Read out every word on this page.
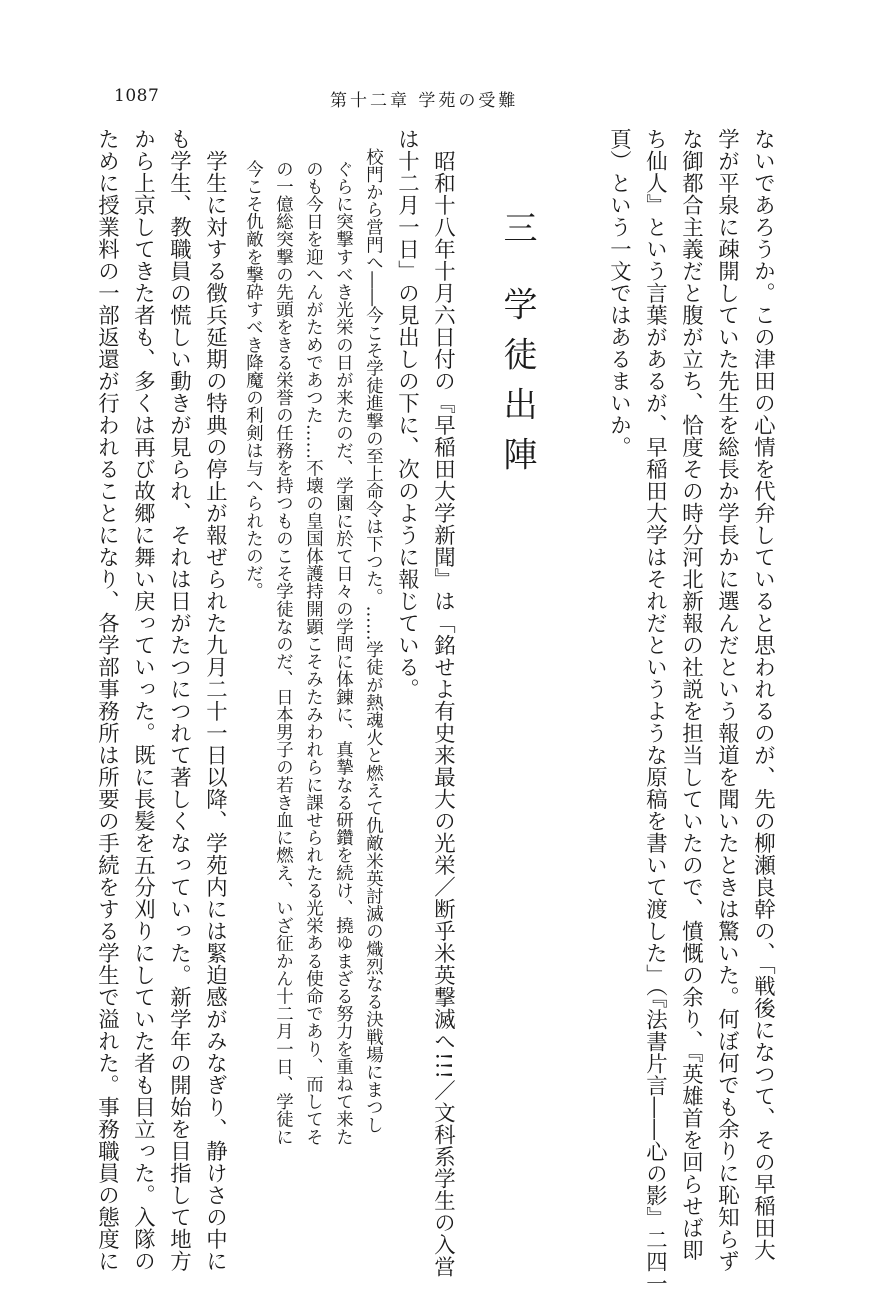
1087	第十二章 学苑の受難
ないであろうか。この津田の心情を代弁していると思われるのが、先の柳瀬良幹の、「戦後になつて、その早稲田大
学が平泉に疎開していた先生を総長か学長かに選んだという報道を聞いたときは驚いた。何ぼ何でも余りに恥知らず
な御都合主義だと腹が立ち、恰度その時分河北新報の社説を担当していたので、憤慨の余り、『英雄首を回らせば即
ち仙人』という言葉があるが、早稲田大学はそれだというような原稿を書いて渡した」（『法書片言――心の影』二四一
頁）という一文ではあるまいか。
三 学徒出陣
昭和十八年十月六日付の『早稲田大学新聞』は「銘せよ有史来最大の光栄／断乎米英撃滅へ!!!／文科系学生の入営
は十二月一日」の見出しの下に、次のように報じている。
校門から営門へ――今こそ学徒進撃の至上命令は下つた。……学徒が熱魂火と燃えて仇敵米英討滅の熾烈なる決戦場にまつし
ぐらに突撃すべき光栄の日が来たのだ、学園に於て日々の学問に体錬に、真摯なる研鑽を続け、撓ゆまざる努力を重ねて来た
のも今日を迎へんがためであつた……不壊の皇国体護持開顕こそみたみわれらに課せられたる光栄ある使命であり、而してそ
の一億総突撃の先頭をきる栄誉の任務を持つものこそ学徒なのだ、日本男子の若き血に燃え、いざ征かん十二月一日、学徒に
今こそ仇敵を撃砕すべき降魔の利剣は与へられたのだ。
学生に対する徴兵延期の特典の停止が報ぜられた九月二十一日以降、学苑内には緊迫感がみなぎり、静けさの中に
も学生、教職員の慌しい動きが見られ、それは日がたつにつれて著しくなっていった。新学年の開始を目指して地方
から上京してきた者も、多くは再び故郷に舞い戻っていった。既に長髪を五分刈りにしていた者も目立った。入隊の
ために授業料の一部返還が行われることになり、各学部事務所は所要の手続をする学生で溢れた。事務職員の態度に
